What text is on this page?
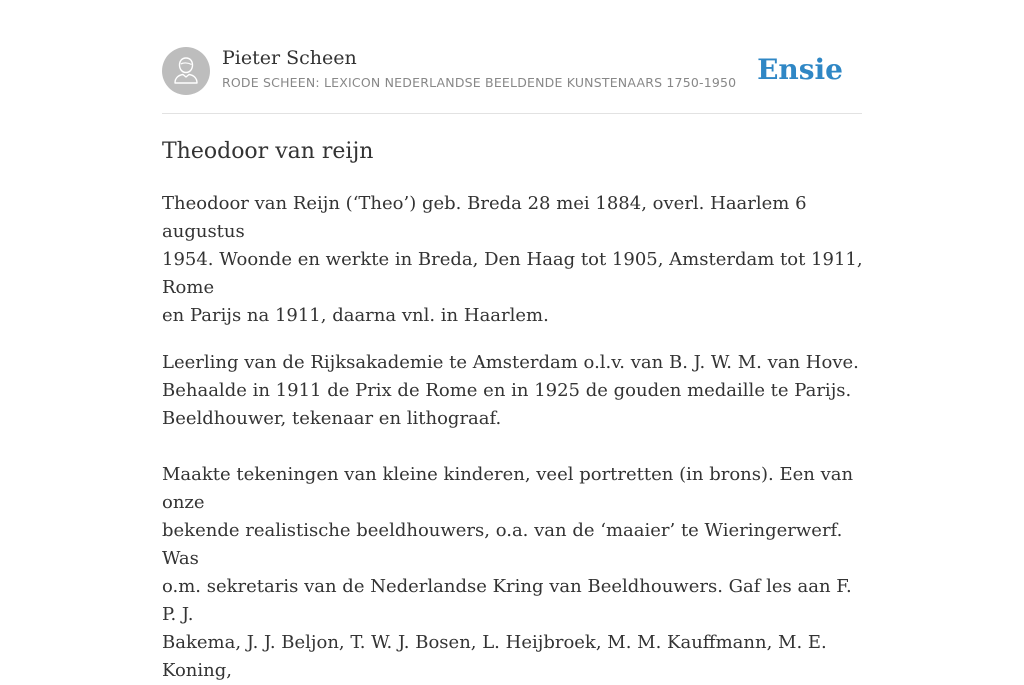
Pieter Scheen
RODE SCHEEN: LEXICON NEDERLANDSE BEELDENDE KUNSTENAARS 1750-1950 Ensie
Theodoor van reijn

Theodoor van Reijn (‘Theo’) geb. Breda 28 mei 1884, overl. Haarlem 6 augustus
1954. Woonde en werkte in Breda, Den Haag tot 1905, Amsterdam tot 1911, Rome
en Parijs na 1911, daarna vnl. in Haarlem.

Leerling van de Rijksakademie te Amsterdam o.l.v. van B. J. W. M. van Hove.
Behaalde in 1911 de Prix de Rome en in 1925 de gouden medaille te Parijs.
Beeldhouwer, tekenaar en lithograaf.

Maakte tekeningen van kleine kinderen, veel portretten (in brons). Een van onze
bekende realistische beeldhouwers, o.a. van de ‘maaier’ te Wieringerwerf. Was
o.m. sekretaris van de Nederlandse Kring van Beeldhouwers. Gaf les aan F. P. J.
Bakema, J. J. Beljon, T. W. J. Bosen, L. Heijbroek, M. M. Kauffmann, M. E. Koning,
